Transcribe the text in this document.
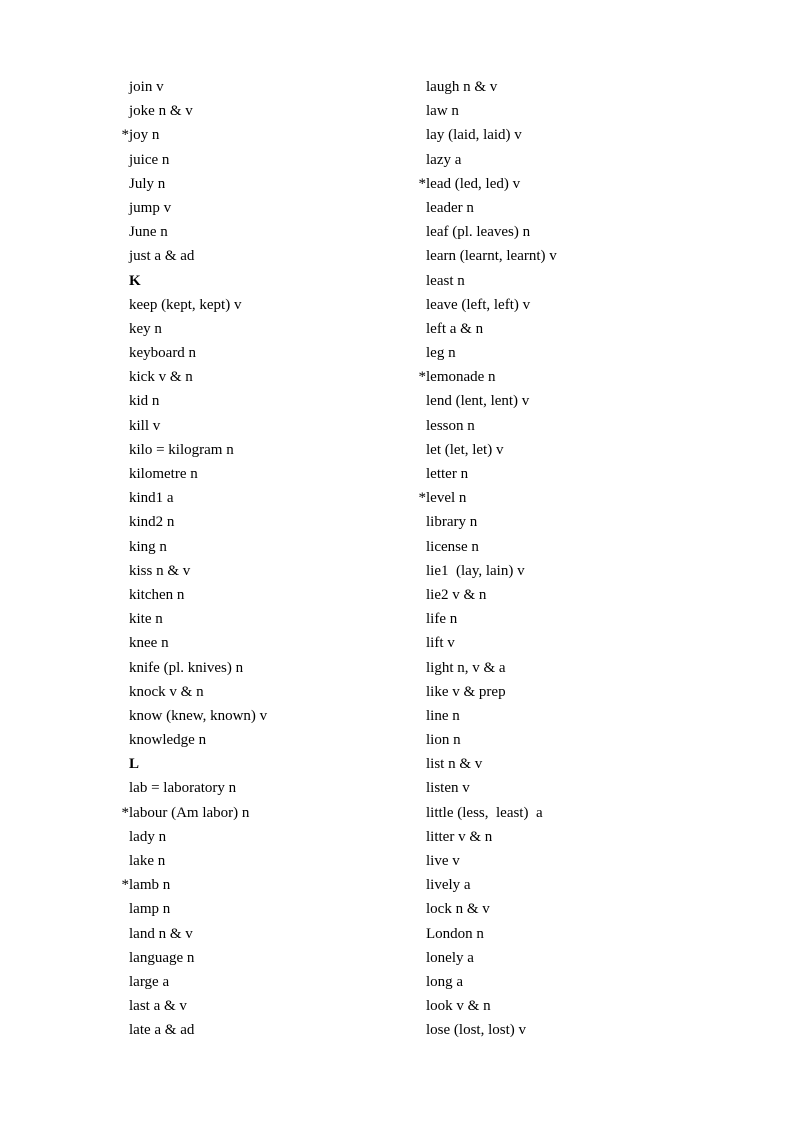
join v
joke n & v
*joy n
juice n
July n
jump v
June n
just a & ad
K
keep (kept, kept) v
key n
keyboard n
kick v & n
kid n
kill v
kilo = kilogram n
kilometre n
kind1 a
kind2 n
king n
kiss n & v
kitchen n
kite n
knee n
knife (pl. knives) n
knock v & n
know (knew, known) v
knowledge n
L
lab = laboratory n
*labour (Am labor) n
lady n
lake n
*lamb n
lamp n
land n & v
language n
large a
last a & v
late a & ad
laugh n & v
law n
lay (laid, laid) v
lazy a
*lead (led, led) v
leader n
leaf (pl. leaves) n
learn (learnt, learnt) v
least n
leave (left, left) v
left a & n
leg n
*lemonade n
lend (lent, lent) v
lesson n
let (let, let) v
letter n
*level n
library n
license n
lie1  (lay, lain) v
lie2 v & n
life n
lift v
light n, v & a
like v & prep
line n
lion n
list n & v
listen v
little (less,  least)  a
litter v & n
live v
lively a
lock n & v
London n
lonely a
long a
look v & n
lose (lost, lost) v
